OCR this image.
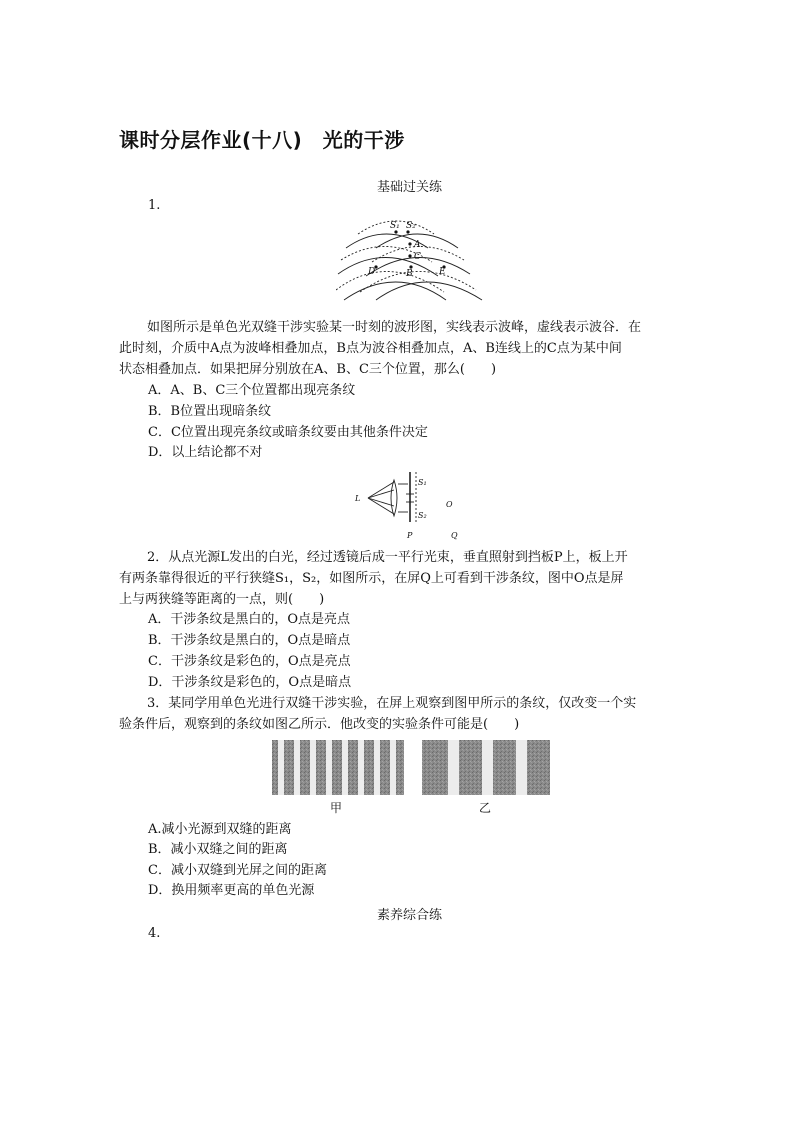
课时分层作业(十八)　光的干涉
基础过关练
1.
S₁ S₂
A
C
B
D	E
如图所示是单色光双缝干涉实验某一时刻的波形图，实线表示波峰，虚线表示波谷．在
此时刻，介质中A点为波峰相叠加点，B点为波谷相叠加点，A、B连线上的C点为某中间
状态相叠加点．如果把屏分别放在A、B、C三个位置，那么(　　)
A．A、B、C三个位置都出现亮条纹
B．B位置出现暗条纹
C．C位置出现亮条纹或暗条纹要由其他条件决定
D．以上结论都不对
L
S₁
S₂
O
P	Q
2．从点光源L发出的白光，经过透镜后成一平行光束，垂直照射到挡板P上，板上开
有两条靠得很近的平行狭缝S₁，S₂，如图所示，在屏Q上可看到干涉条纹，图中O点是屏
上与两狭缝等距离的一点，则(　　)
A．干涉条纹是黑白的，O点是亮点
B．干涉条纹是黑白的，O点是暗点
C．干涉条纹是彩色的，O点是亮点
D．干涉条纹是彩色的，O点是暗点
3．某同学用单色光进行双缝干涉实验，在屏上观察到图甲所示的条纹，仅改变一个实
验条件后，观察到的条纹如图乙所示．他改变的实验条件可能是(　　)
甲	乙
A.减小光源到双缝的距离
B．减小双缝之间的距离
C．减小双缝到光屏之间的距离
D．换用频率更高的单色光源
素养综合练
4.
